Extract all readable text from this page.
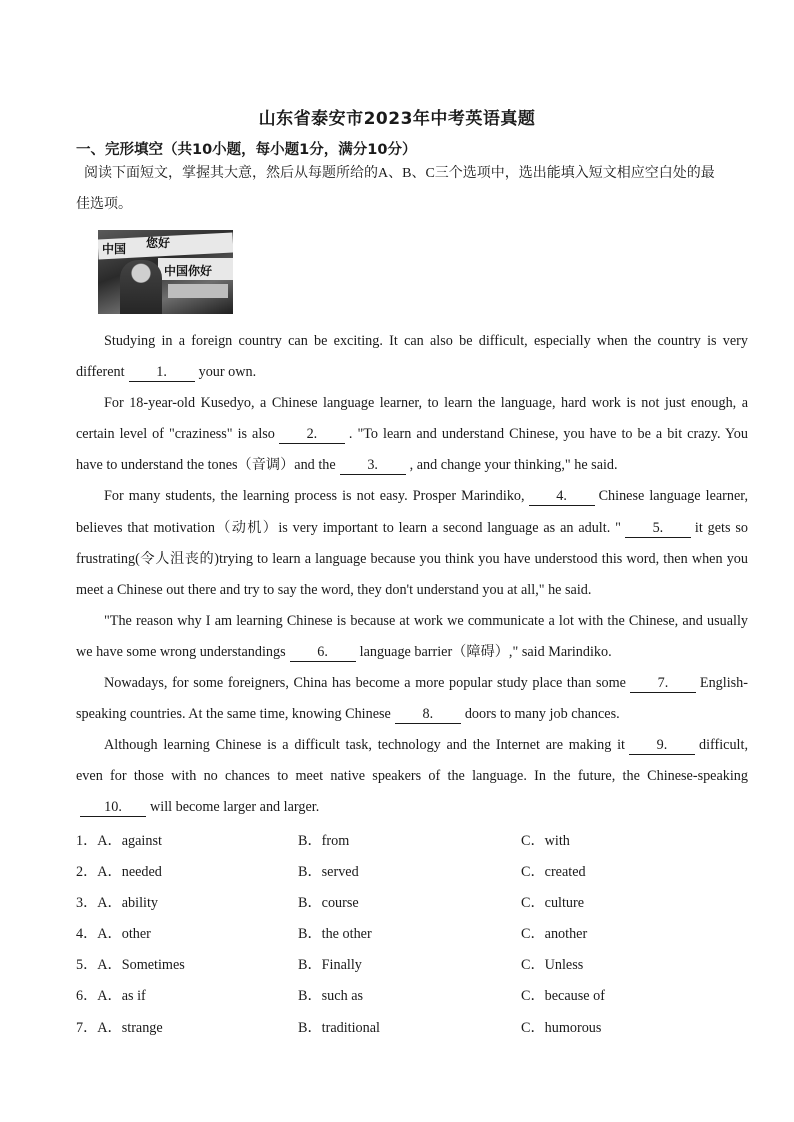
山东省泰安市2023年中考英语真题
一、完形填空（共10小题，每小题1分，满分10分）
阅读下面短文，掌握其大意，然后从每题所给的A、B、C三个选项中，选出能填入短文相应空白处的最
佳选项。
中国 您好
中国你好

Studying in a foreign country can be exciting. It can also be difficult, especially when the country is very different 1. your own.

For 18-year-old Kusedyo, a Chinese language learner, to learn the language, hard work is not just enough, a certain level of "craziness" is also 2. . "To learn and understand Chinese, you have to be a bit crazy. You have to understand the tones（音调）and the 3. , and change your thinking," he said.

For many students, the learning process is not easy. Prosper Marindiko, 4. Chinese language learner, believes that motivation（动机）is very important to learn a second language as an adult. " 5. it gets so frustrating(令人沮丧的)trying to learn a language because you think you have understood this word, then when you meet a Chinese out there and try to say the word, they don't understand you at all," he said.

"The reason why I am learning Chinese is because at work we communicate a lot with the Chinese, and usually we have some wrong understandings 6. language barrier（障碍）," said Marindiko.

Nowadays, for some foreigners, China has become a more popular study place than some 7. English-speaking countries. At the same time, knowing Chinese 8. doors to many job chances.

Although learning Chinese is a difficult task, technology and the Internet are making it 9. difficult, even for those with no chances to meet native speakers of the language. In the future, the Chinese-speaking10. will become larger and larger.

1．A．against	B．from	C．with
2．A．needed	B．served	C．created
3．A．ability	B．course	C．culture
4．A．other	B．the other	C．another
5．A．Sometimes	B．Finally	C．Unless
6．A．as if	B．such as	C．because of
7．A．strange	B．traditional	C．humorous
